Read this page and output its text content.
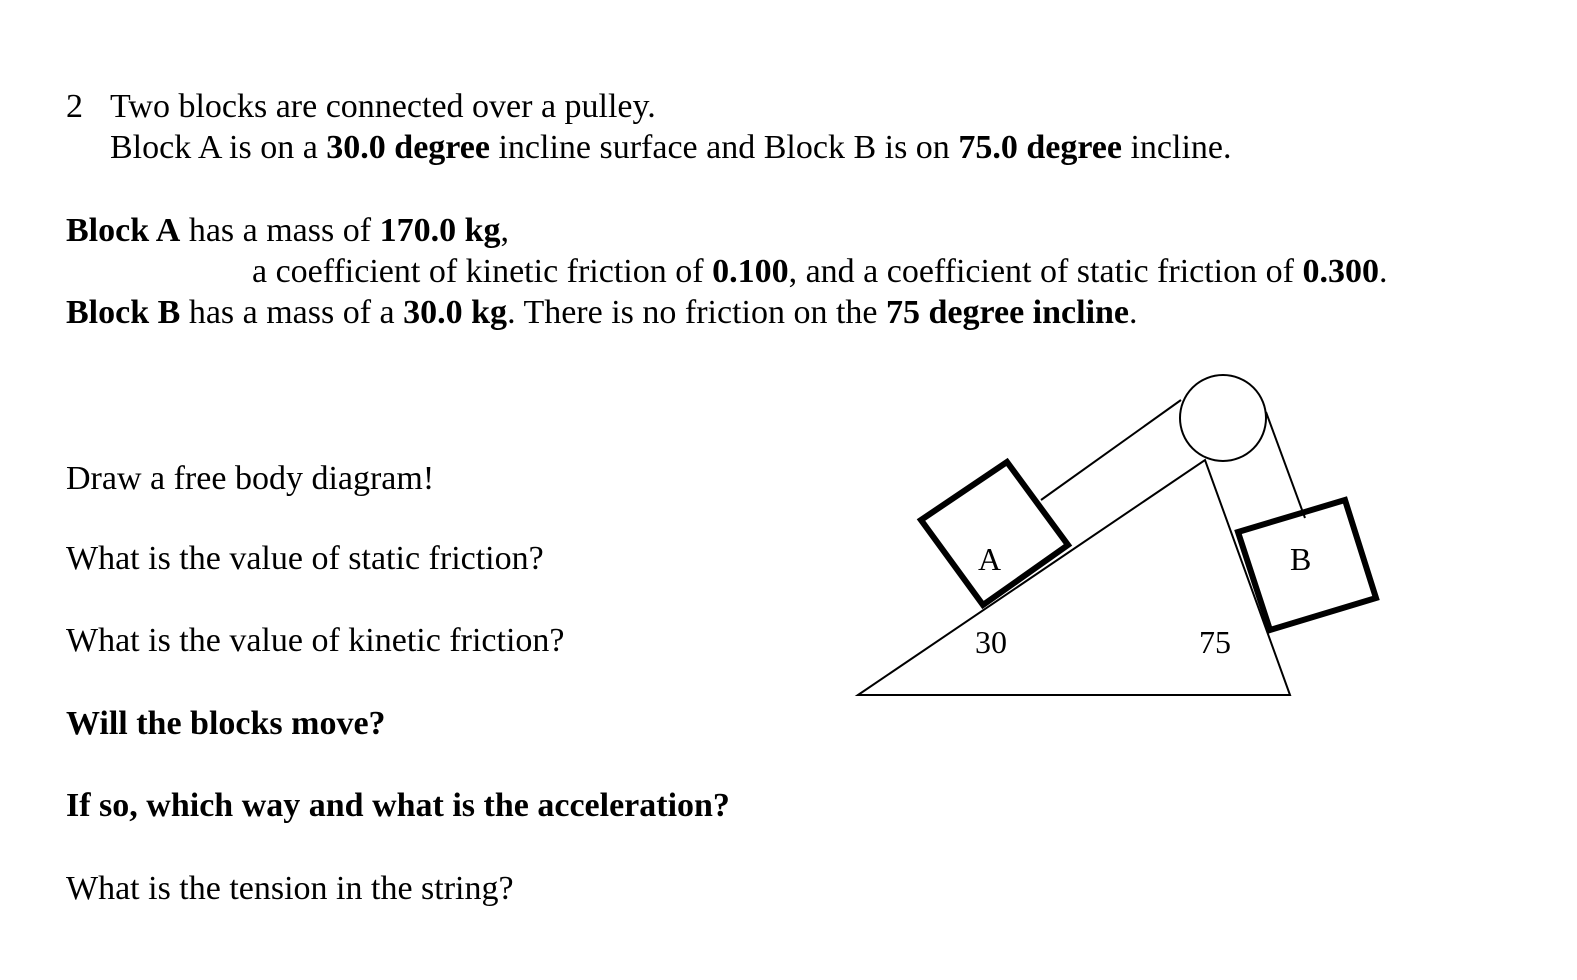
2 Two blocks are connected over a pulley.
Block A is on a 30.0 degree incline surface and Block B is on 75.0 degree incline.
Block A has a mass of 170.0 kg,
a coefficient of kinetic friction of 0.100, and a coefficient of static friction of 0.300.
Block B has a mass of a 30.0 kg. There is no friction on the 75 degree incline.
Draw a free body diagram!
What is the value of static friction?
What is the value of kinetic friction?
Will the blocks move?
If so, which way and what is the acceleration?
What is the tension in the string?
A	B
30	75
